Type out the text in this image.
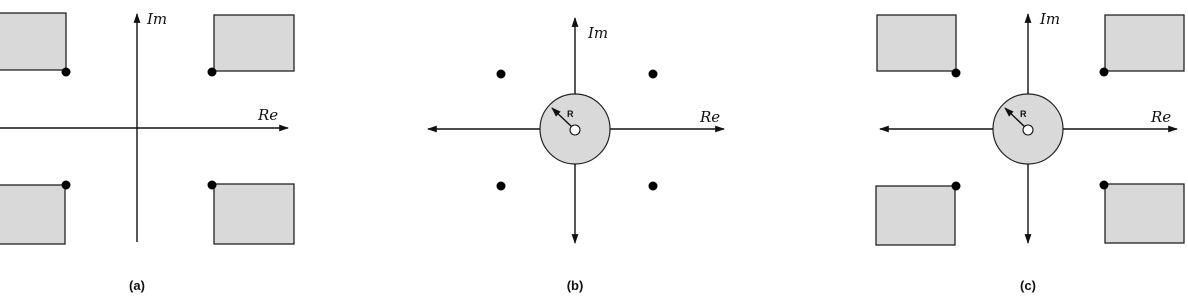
Im
Re
(a)
R
Im
Re
(b)
R
Im
Re
(c)
